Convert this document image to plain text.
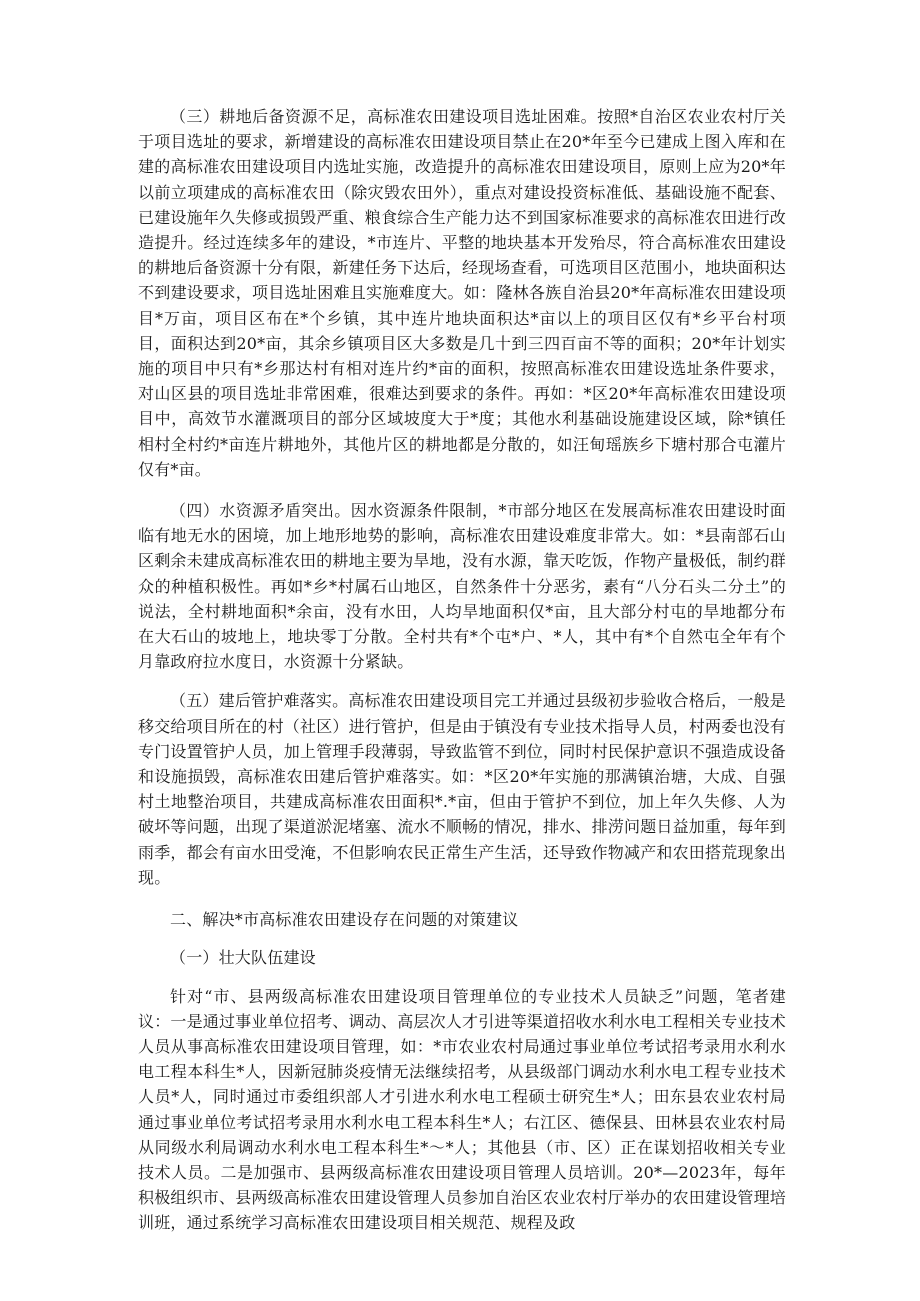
（三）耕地后备资源不足，高标准农田建设项目选址困难。按照*自治区农业农村厅关于项目选址的要求，新增建设的高标准农田建设项目禁止在20*年至今已建成上图入库和在建的高标准农田建设项目内选址实施，改造提升的高标准农田建设项目，原则上应为20*年以前立项建成的高标准农田（除灾毁农田外），重点对建设投资标准低、基础设施不配套、已建设施年久失修或损毁严重、粮食综合生产能力达不到国家标准要求的高标准农田进行改造提升。经过连续多年的建设，*市连片、平整的地块基本开发殆尽，符合高标准农田建设的耕地后备资源十分有限，新建任务下达后，经现场查看，可选项目区范围小，地块面积达不到建设要求，项目选址困难且实施难度大。如：隆林各族自治县20*年高标准农田建设项目*万亩，项目区布在*个乡镇，其中连片地块面积达*亩以上的项目区仅有*乡平台村项目，面积达到20*亩，其余乡镇项目区大多数是几十到三四百亩不等的面积；20*年计划实施的项目中只有*乡那达村有相对连片约*亩的面积，按照高标准农田建设选址条件要求，对山区县的项目选址非常困难，很难达到要求的条件。再如：*区20*年高标准农田建设项目中，高效节水灌溉项目的部分区域坡度大于*度；其他水利基础设施建设区域，除*镇任相村全村约*亩连片耕地外，其他片区的耕地都是分散的，如汪甸瑶族乡下塘村那合屯灌片仅有*亩。

（四）水资源矛盾突出。因水资源条件限制，*市部分地区在发展高标准农田建设时面临有地无水的困境，加上地形地势的影响，高标准农田建设难度非常大。如：*县南部石山区剩余未建成高标准农田的耕地主要为旱地，没有水源，靠天吃饭，作物产量极低，制约群众的种植积极性。再如*乡*村属石山地区，自然条件十分恶劣，素有“八分石头二分土”的说法，全村耕地面积*余亩，没有水田，人均旱地面积仅*亩，且大部分村屯的旱地都分布在大石山的坡地上，地块零丁分散。全村共有*个屯*户、*人，其中有*个自然屯全年有个月靠政府拉水度日，水资源十分紧缺。

（五）建后管护难落实。高标准农田建设项目完工并通过县级初步验收合格后，一般是移交给项目所在的村（社区）进行管护，但是由于镇没有专业技术指导人员，村两委也没有专门设置管护人员，加上管理手段薄弱，导致监管不到位，同时村民保护意识不强造成设备和设施损毁，高标准农田建后管护难落实。如：*区20*年实施的那满镇治塘，大成、自强村土地整治项目，共建成高标准农田面积*.*亩，但由于管护不到位，加上年久失修、人为破坏等问题，出现了渠道淤泥堵塞、流水不顺畅的情况，排水、排涝问题日益加重，每年到雨季，都会有亩水田受淹，不但影响农民正常生产生活，还导致作物减产和农田搭荒现象出现。

二、解决*市高标准农田建设存在问题的对策建议

（一）壮大队伍建设

针对“市、县两级高标准农田建设项目管理单位的专业技术人员缺乏”问题，笔者建议：一是通过事业单位招考、调动、高层次人才引进等渠道招收水利水电工程相关专业技术人员从事高标准农田建设项目管理，如：*市农业农村局通过事业单位考试招考录用水利水电工程本科生*人，因新冠肺炎疫情无法继续招考，从县级部门调动水利水电工程专业技术人员*人，同时通过市委组织部人才引进水利水电工程硕士研究生*人；田东县农业农村局通过事业单位考试招考录用水利水电工程本科生*人；右江区、德保县、田林县农业农村局从同级水利局调动水利水电工程本科生*〜*人；其他县（市、区）正在谋划招收相关专业技术人员。二是加强市、县两级高标准农田建设项目管理人员培训。20*—2023年，每年积极组织市、县两级高标准农田建设管理人员参加自治区农业农村厅举办的农田建设管理培训班，通过系统学习高标准农田建设项目相关规范、规程及政
